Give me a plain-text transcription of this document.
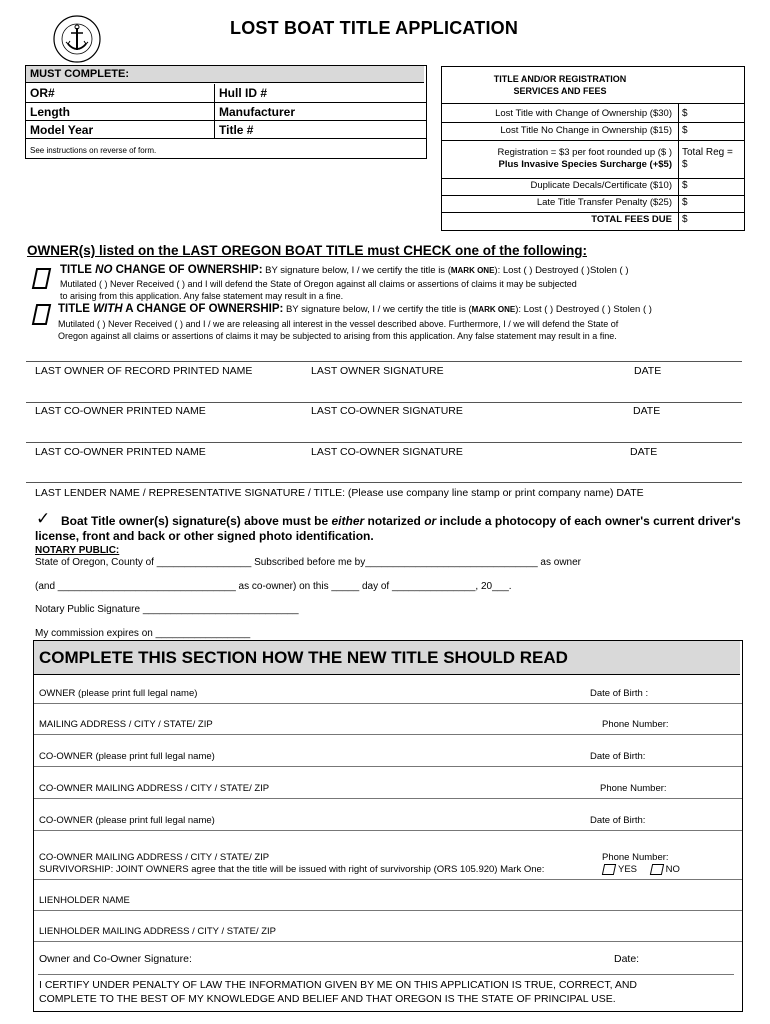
LOST BOAT TITLE APPLICATION
MUST COMPLETE:
OR#	Hull ID #
Length	Manufacturer
Model Year	Title #
See instructions on reverse of form.
TITLE AND/OR REGISTRATION
SERVICES AND FEES
Lost Title with Change of Ownership ($30) $
Lost Title No Change in Ownership ($15) $
Registration = $3 per foot rounded up ($ )
Plus Invasive Species Surcharge (+$5)
Total Reg =
$
Duplicate Decals/Certificate ($10) $
Late Title Transfer Penalty ($25) $
TOTAL FEES DUE $
OWNER(s) listed on the LAST OREGON BOAT TITLE must CHECK one of the following:
TITLE NO CHANGE OF OWNERSHIP: BY signature below, I / we certify the title is (MARK ONE): Lost ( ) Destroyed ( )Stolen ( )
Mutilated ( ) Never Received ( ) and I will defend the State of Oregon against all claims or assertions of claims it may be subjected
to arising from this application. Any false statement may result in a fine.
TITLE WITH A CHANGE OF OWNERSHIP: BY signature below, I / we certify the title is (MARK ONE): Lost ( ) Destroyed ( ) Stolen ( )
Mutilated ( ) Never Received ( ) and I / we are releasing all interest in the vessel described above. Furthermore, I / we will defend the State of
Oregon against all claims or assertions of claims it may be subjected to arising from this application. Any false statement may result in a fine.
LAST OWNER OF RECORD PRINTED NAME	LAST OWNER SIGNATURE	DATE
LAST CO-OWNER PRINTED NAME	LAST CO-OWNER SIGNATURE	DATE
LAST CO-OWNER PRINTED NAME	LAST CO-OWNER SIGNATURE	DATE
LAST LENDER NAME / REPRESENTATIVE SIGNATURE / TITLE: (Please use company line stamp or print company name) DATE
✓ Boat Title owner(s) signature(s) above must be either notarized or include a photocopy of each owner's current driver's license, front and back or other signed photo identification.
NOTARY PUBLIC:
State of Oregon, County of _________________ Subscribed before me by_______________________________ as owner
(and ________________________________ as co-owner) on this _____ day of _______________, 20___.
Notary Public Signature ____________________________
My commission expires on _________________
COMPLETE THIS SECTION HOW THE NEW TITLE SHOULD READ
OWNER (please print full legal name)	Date of Birth :
MAILING ADDRESS / CITY / STATE/ ZIP	Phone Number:
CO-OWNER (please print full legal name)	Date of Birth:
CO-OWNER MAILING ADDRESS / CITY / STATE/ ZIP	Phone Number:
CO-OWNER (please print full legal name)	Date of Birth:
CO-OWNER MAILING ADDRESS / CITY / STATE/ ZIP	Phone Number:
SURVIVORSHIP: JOINT OWNERS agree that the title will be issued with right of survivorship (ORS 105.920) Mark One:	YES	NO
LIENHOLDER NAME
LIENHOLDER MAILING ADDRESS / CITY / STATE/ ZIP
Owner and Co-Owner Signature:	Date:
I CERTIFY UNDER PENALTY OF LAW THE INFORMATION GIVEN BY ME ON THIS APPLICATION IS TRUE, CORRECT, AND
COMPLETE TO THE BEST OF MY KNOWLEDGE AND BELIEF AND THAT OREGON IS THE STATE OF PRINCIPAL USE.
